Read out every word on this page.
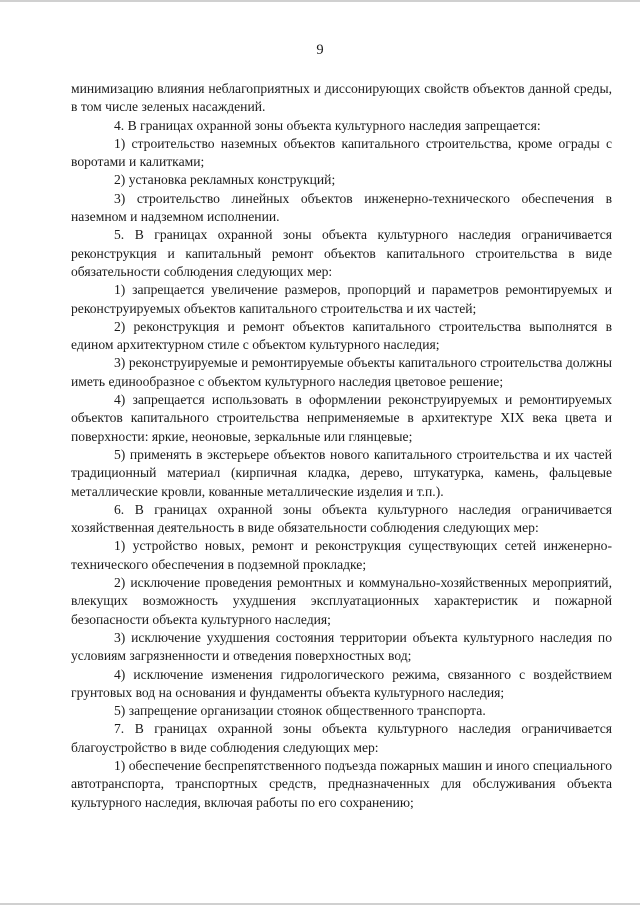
9

минимизацию влияния неблагоприятных и диссонирующих свойств объектов данной среды, в том числе зеленых насаждений.

4. В границах охранной зоны объекта культурного наследия запрещается:

1) строительство наземных объектов капитального строительства, кроме ограды с воротами и калитками;

2) установка рекламных конструкций;

3) строительство линейных объектов инженерно-технического обеспечения в наземном и надземном исполнении.

5. В границах охранной зоны объекта культурного наследия ограничивается реконструкция и капитальный ремонт объектов капитального строительства в виде обязательности соблюдения следующих мер:

1) запрещается увеличение размеров, пропорций и параметров ремонтируемых и реконструируемых объектов капитального строительства и их частей;

2) реконструкция и ремонт объектов капитального строительства выполнятся в едином архитектурном стиле с объектом культурного наследия;

3) реконструируемые и ремонтируемые объекты капитального строительства должны иметь единообразное с объектом культурного наследия цветовое решение;

4) запрещается использовать в оформлении реконструируемых и ремонтируемых объектов капитального строительства неприменяемые в архитектуре XIX века цвета и поверхности: яркие, неоновые, зеркальные или глянцевые;

5) применять в экстерьере объектов нового капитального строительства и их частей традиционный материал (кирпичная кладка, дерево, штукатурка, камень, фальцевые металлические кровли, кованные металлические изделия и т.п.).

6. В границах охранной зоны объекта культурного наследия ограничивается хозяйственная деятельность в виде обязательности соблюдения следующих мер:

1) устройство новых, ремонт и реконструкция существующих сетей инженерно-технического обеспечения в подземной прокладке;

2) исключение проведения ремонтных и коммунально-хозяйственных мероприятий, влекущих возможность ухудшения эксплуатационных характеристик и пожарной безопасности объекта культурного наследия;

3) исключение ухудшения состояния территории объекта культурного наследия по условиям загрязненности и отведения поверхностных вод;

4) исключение изменения гидрологического режима, связанного с воздействием грунтовых вод на основания и фундаменты объекта культурного наследия;

5) запрещение организации стоянок общественного транспорта.

7. В границах охранной зоны объекта культурного наследия ограничивается благоустройство в виде соблюдения следующих мер:

1) обеспечение беспрепятственного подъезда пожарных машин и иного специального автотранспорта, транспортных средств, предназначенных для обслуживания объекта культурного наследия, включая работы по его сохранению;
